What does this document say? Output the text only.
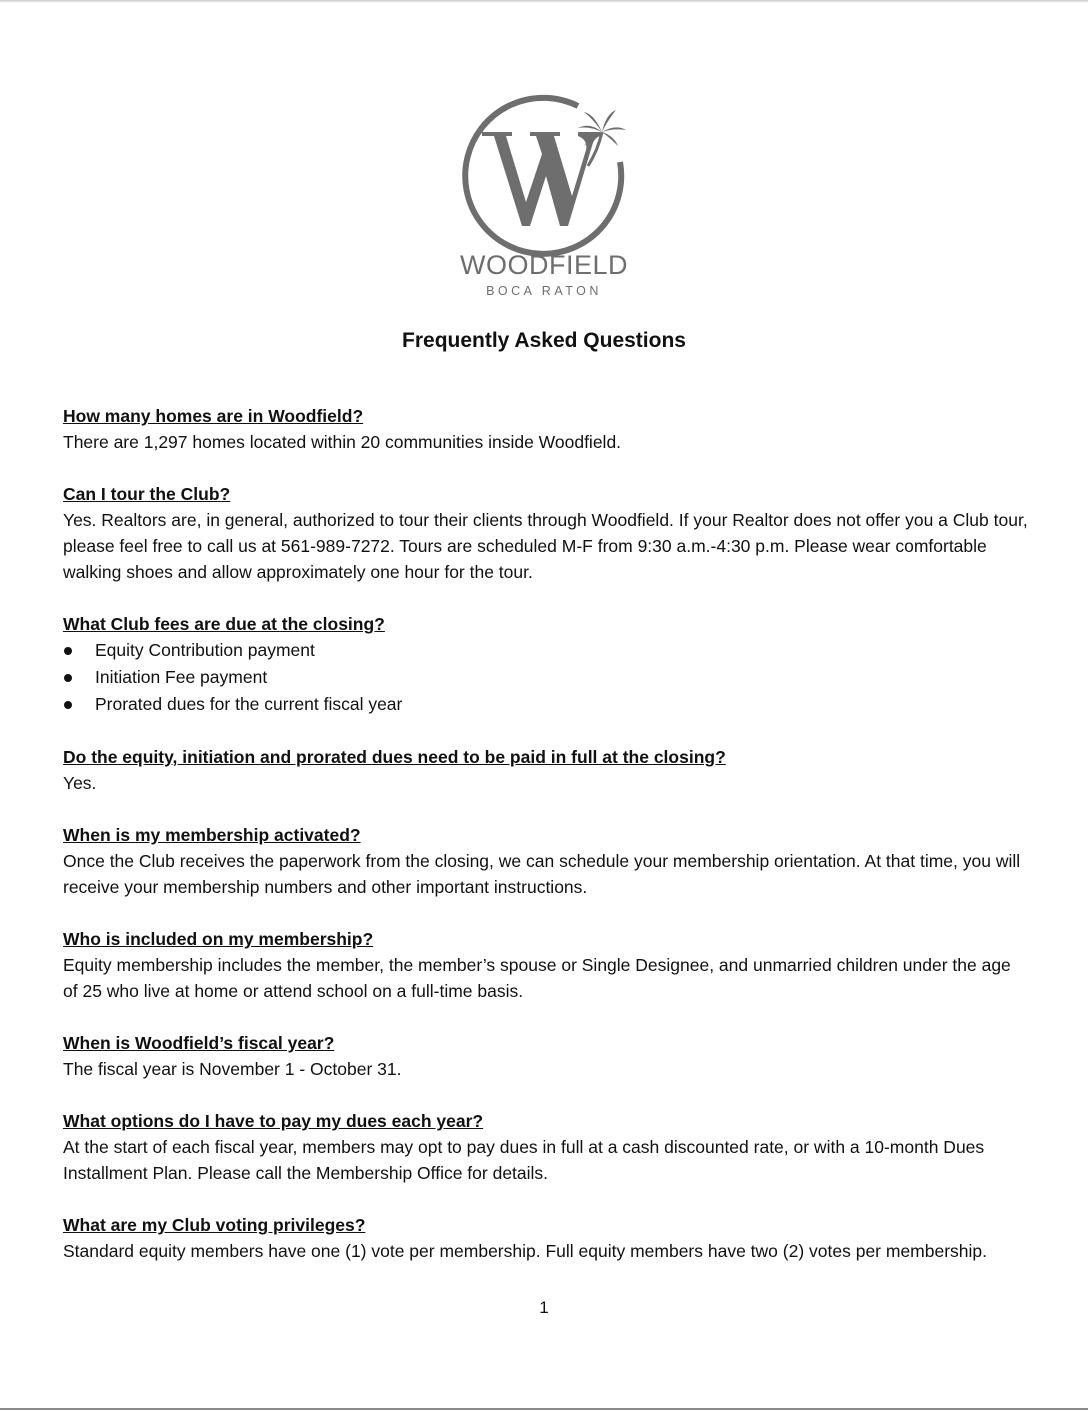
WOODFIELD
BOCA RATON
Frequently Asked Questions

How many homes are in Woodfield?

There are 1,297 homes located within 20 communities inside Woodfield.

Can I tour the Club?

Yes. Realtors are, in general, authorized to tour their clients through Woodfield. If your Realtor does not offer you a Club tour, please feel free to call us at 561-989-7272. Tours are scheduled M-F from 9:30 a.m.-4:30 p.m. Please wear comfortable walking shoes and allow approximately one hour for the tour.

What Club fees are due at the closing?

Equity Contribution payment
Initiation Fee payment
Prorated dues for the current fiscal year

Do the equity, initiation and prorated dues need to be paid in full at the closing?

Yes.

When is my membership activated?

Once the Club receives the paperwork from the closing, we can schedule your membership orientation. At that time, you will receive your membership numbers and other important instructions.

Who is included on my membership?

Equity membership includes the member, the member’s spouse or Single Designee, and unmarried children under the age of 25 who live at home or attend school on a full-time basis.

When is Woodfield’s fiscal year?

The fiscal year is November 1 - October 31.

What options do I have to pay my dues each year?

At the start of each fiscal year, members may opt to pay dues in full at a cash discounted rate, or with a 10-month Dues Installment Plan. Please call the Membership Office for details.

What are my Club voting privileges?

Standard equity members have one (1) vote per membership. Full equity members have two (2) votes per membership.

1
